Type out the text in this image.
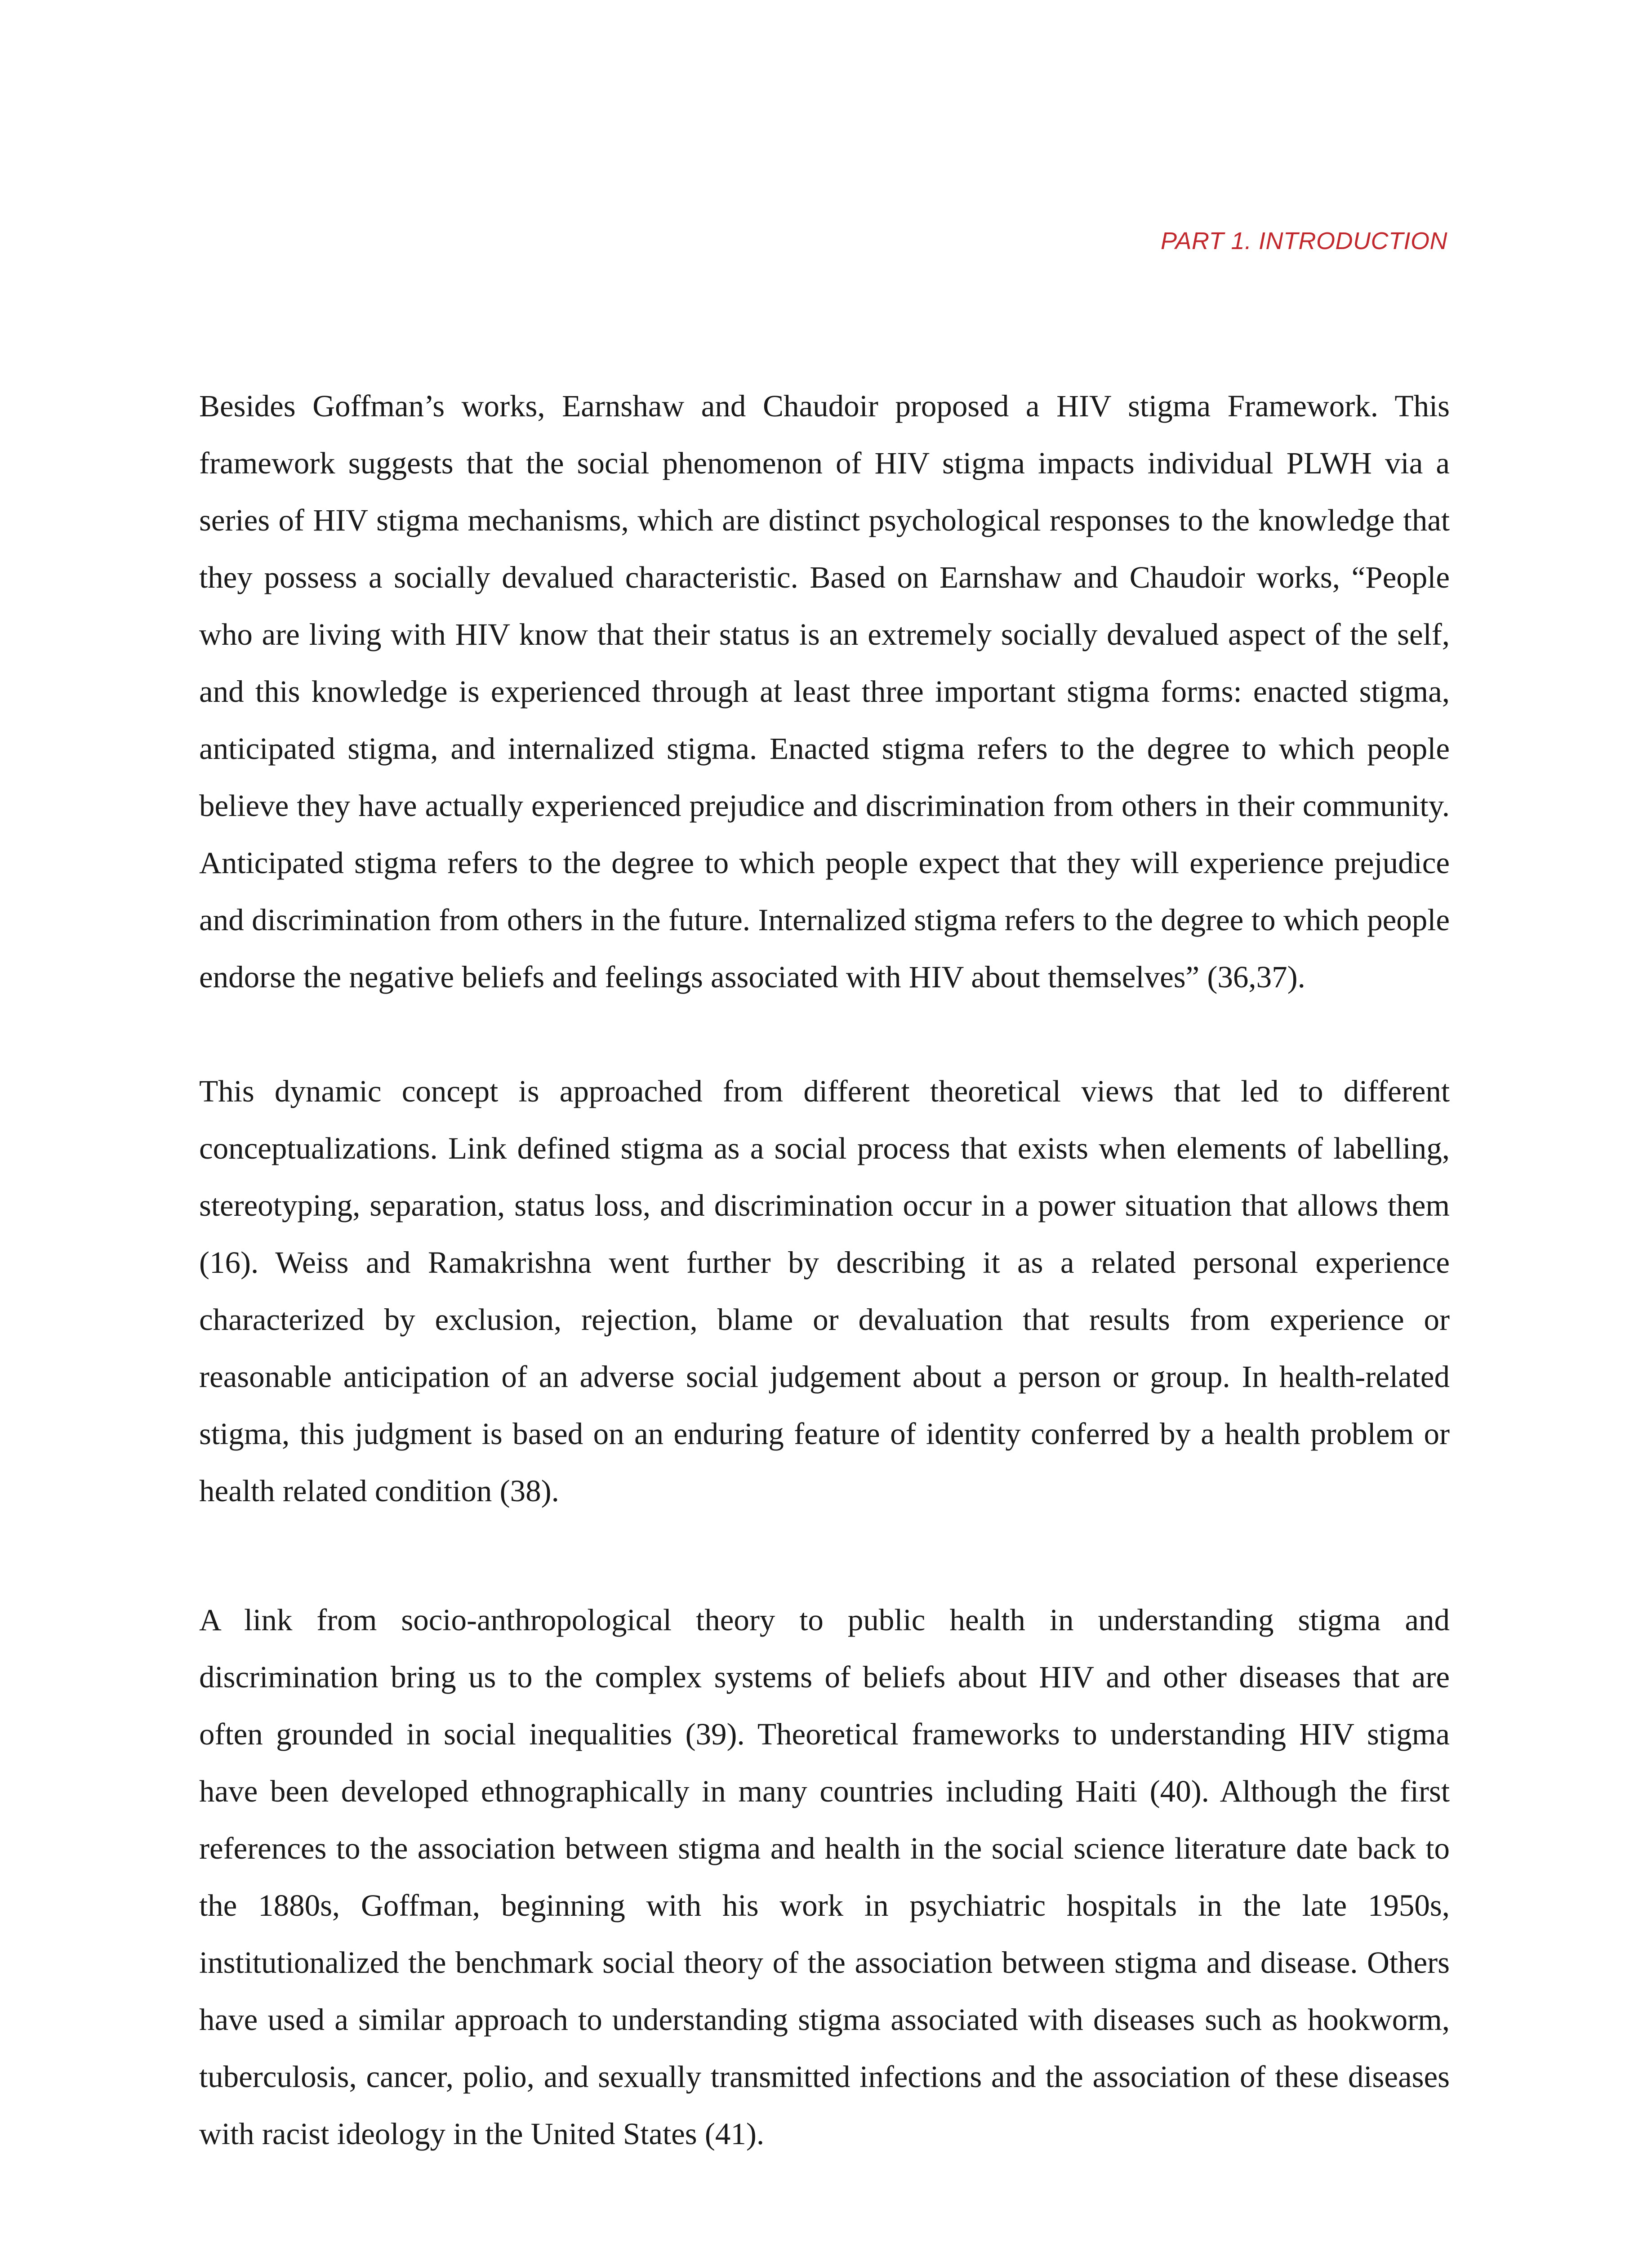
PART 1. INTRODUCTION

Besides Goffman’s works, Earnshaw and Chaudoir proposed a HIV stigma Framework. This framework suggests that the social phenomenon of HIV stigma impacts individual PLWH via a series of HIV stigma mechanisms, which are distinct psychological responses to the knowledge that they possess a socially devalued characteristic. Based on Earnshaw and Chaudoir works, “People who are living with HIV know that their status is an extremely socially devalued aspect of the self, and this knowledge is experienced through at least three important stigma forms: enacted stigma, anticipated stigma, and internalized stigma. Enacted stigma refers to the degree to which people believe they have actually experienced prejudice and discrimination from others in their community. Anticipated stigma refers to the degree to which people expect that they will experience prejudice and discrimination from others in the future. Internalized stigma refers to the degree to which people endorse the negative beliefs and feelings associated with HIV about themselves” (36,37).

This dynamic concept is approached from different theoretical views that led to different conceptualizations. Link defined stigma as a social process that exists when elements of labelling, stereotyping, separation, status loss, and discrimination occur in a power situation that allows them (16). Weiss and Ramakrishna went further by describing it as a related personal experience characterized by exclusion, rejection, blame or devaluation that results from experience or reasonable anticipation of an adverse social judgement about a person or group. In health-related stigma, this judgment is based on an enduring feature of identity conferred by a health problem or health related condition (38).

A link from socio-anthropological theory to public health in understanding stigma and discrimination bring us to the complex systems of beliefs about HIV and other diseases that are often grounded in social inequalities (39). Theoretical frameworks to understanding HIV stigma have been developed ethnographically in many countries including Haiti (40). Although the first references to the association between stigma and health in the social science literature date back to the 1880s, Goffman, beginning with his work in psychiatric hospitals in the late 1950s, institutionalized the benchmark social theory of the association between stigma and disease. Others have used a similar approach to understanding stigma associated with diseases such as hookworm, tuberculosis, cancer, polio, and sexually transmitted infections and the association of these diseases with racist ideology in the United States (41).
